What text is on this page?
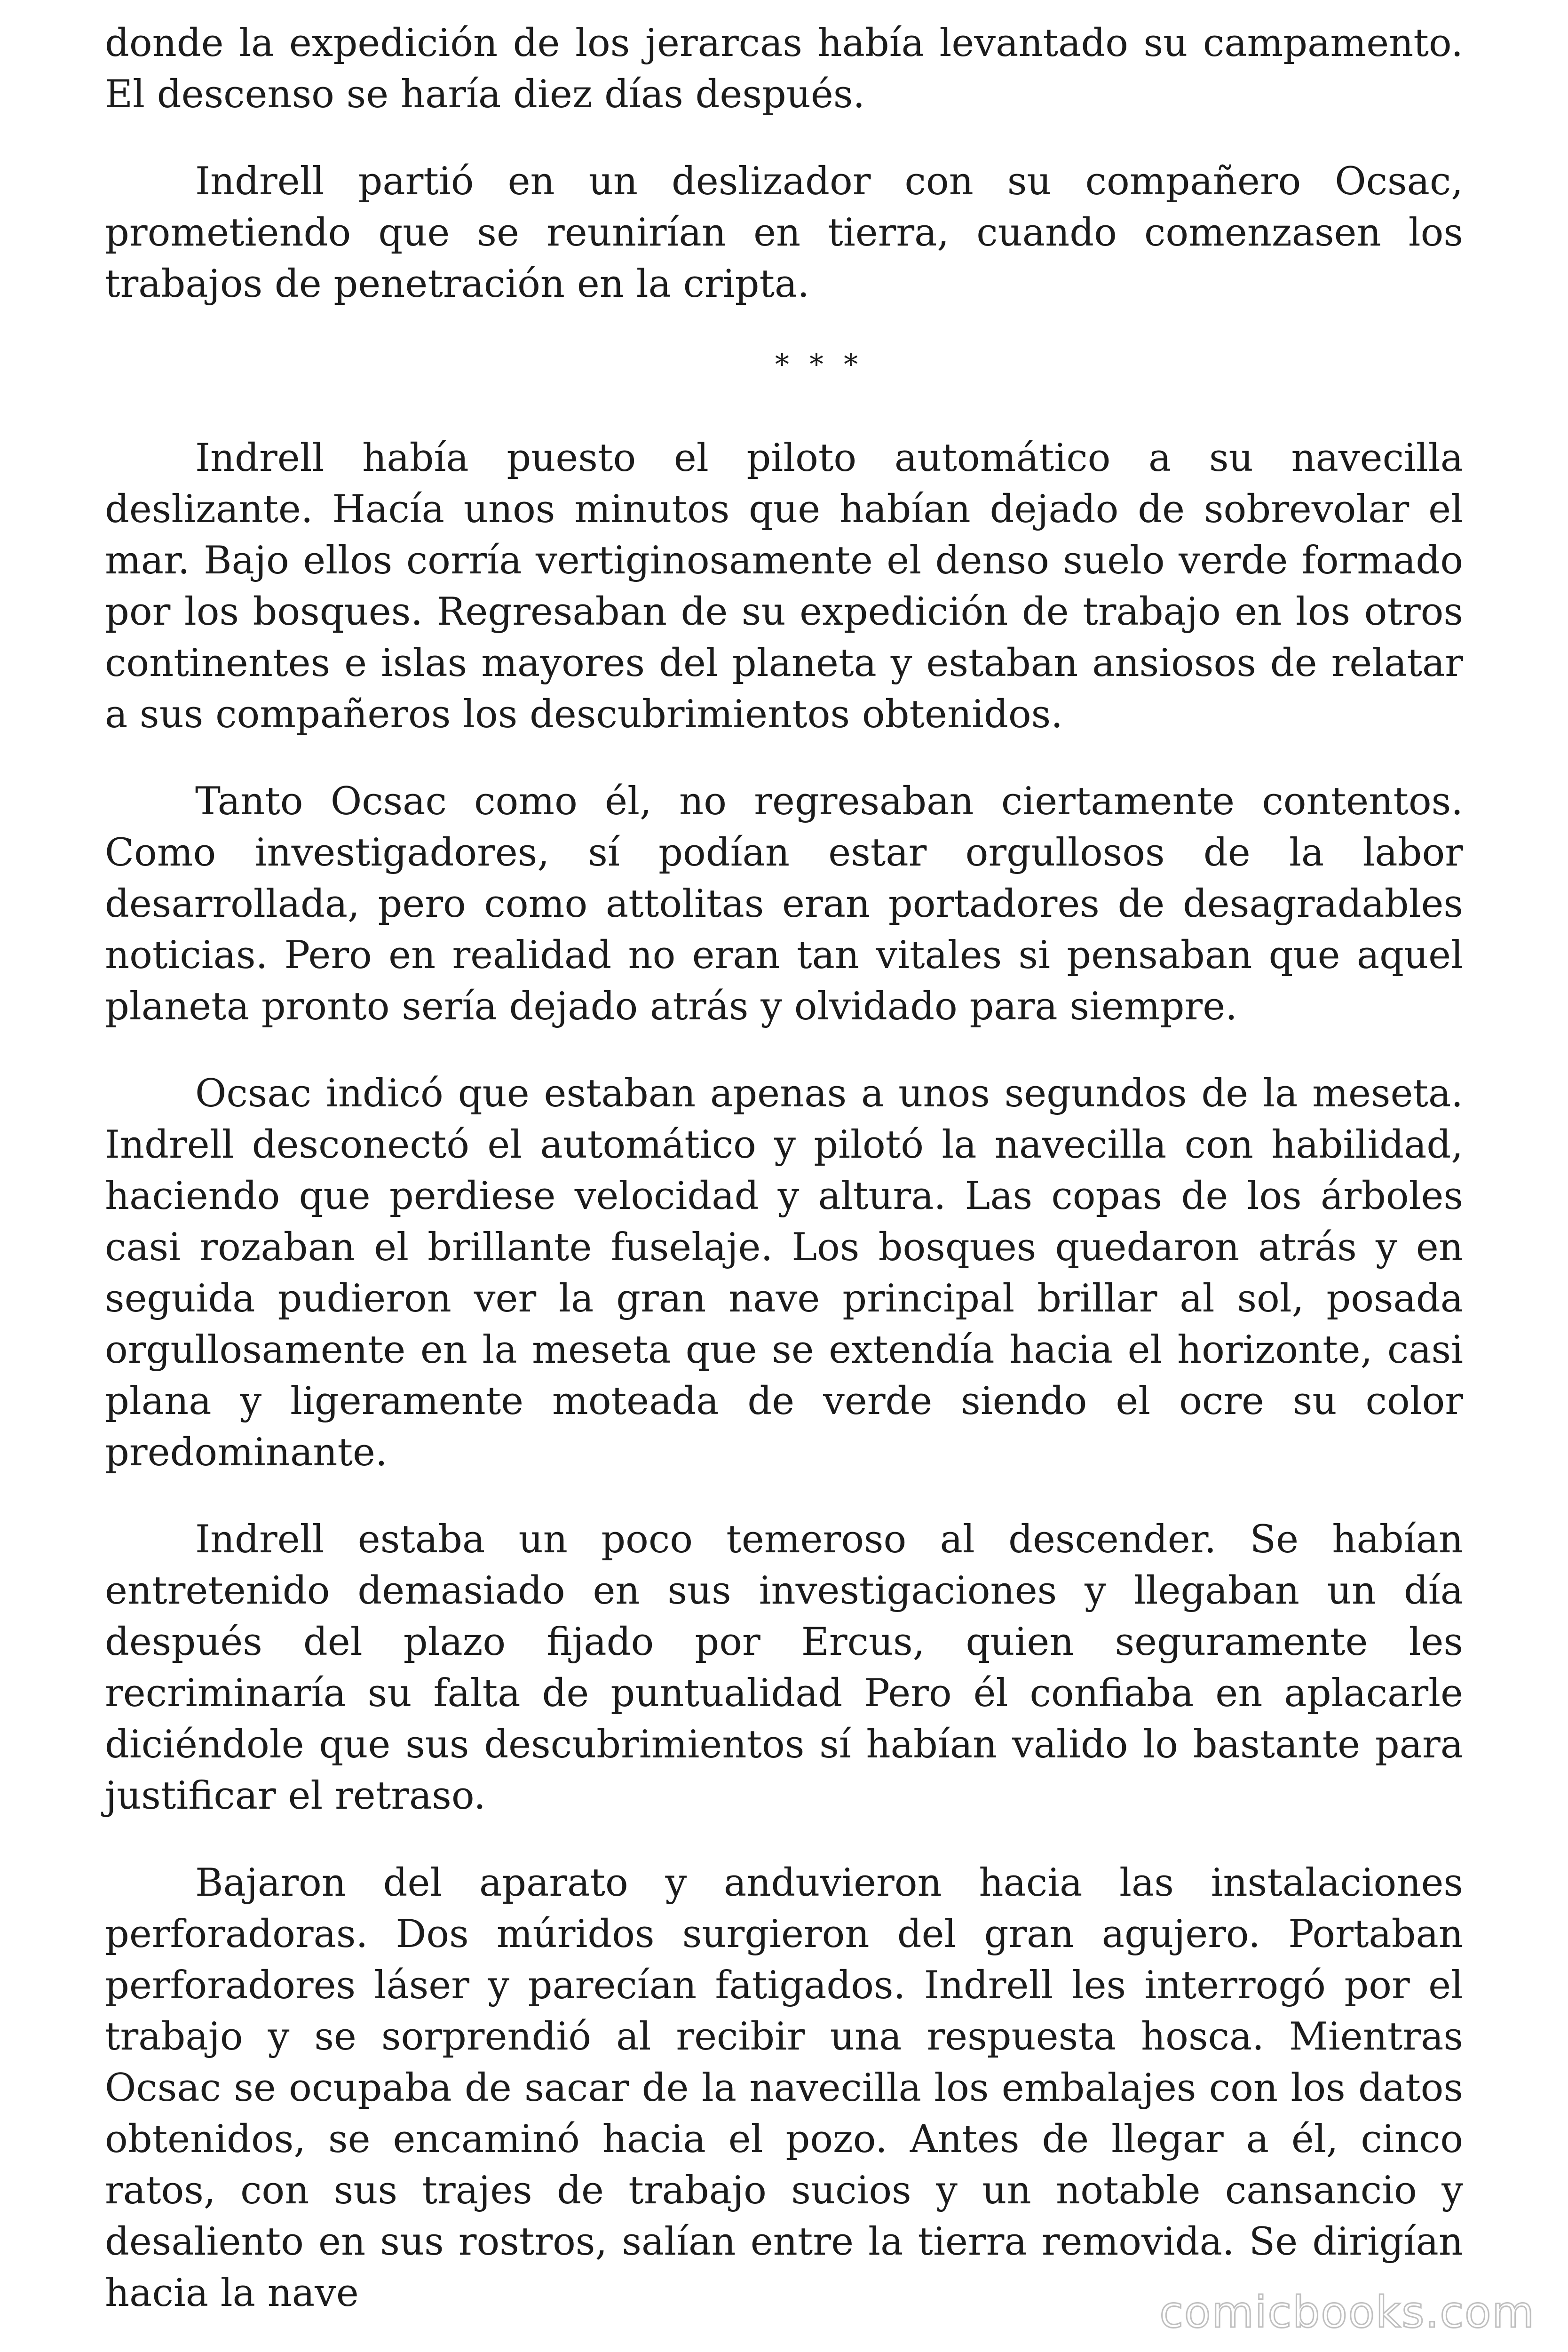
donde la expedición de los jerarcas había levantado su campamento. El descenso se haría diez días después.

Indrell partió en un deslizador con su compañero Ocsac, prometiendo que se reunirían en tierra, cuando comenzasen los trabajos de penetración en la cripta.

* * *

Indrell había puesto el piloto automático a su navecilla deslizante. Hacía unos minutos que habían dejado de sobrevolar el mar. Bajo ellos corría vertiginosamente el denso suelo verde formado por los bosques. Regresaban de su expedición de trabajo en los otros continentes e islas mayores del planeta y estaban ansiosos de relatar a sus compañeros los descubrimientos obtenidos.

Tanto Ocsac como él, no regresaban ciertamente contentos. Como investigadores, sí podían estar orgullosos de la labor desarrollada, pero como attolitas eran portadores de desagradables noticias. Pero en realidad no eran tan vitales si pensaban que aquel planeta pronto sería dejado atrás y olvidado para siempre.

Ocsac indicó que estaban apenas a unos segundos de la meseta. Indrell desconectó el automático y pilotó la navecilla con habilidad, haciendo que perdiese velocidad y altura. Las copas de los árboles casi rozaban el brillante fuselaje. Los bosques quedaron atrás y en seguida pudieron ver la gran nave principal brillar al sol, posada orgullosamente en la meseta que se extendía hacia el horizonte, casi plana y ligeramente moteada de verde siendo el ocre su color predominante.

Indrell estaba un poco temeroso al descender. Se habían entretenido demasiado en sus investigaciones y llegaban un día después del plazo fijado por Ercus, quien seguramente les recriminaría su falta de puntualidad Pero él confiaba en aplacarle diciéndole que sus descubrimientos sí habían valido lo bastante para justificar el retraso.

Bajaron del aparato y anduvieron hacia las instalaciones perforadoras. Dos múridos surgieron del gran agujero. Portaban perforadores láser y parecían fatigados. Indrell les interrogó por el trabajo y se sorprendió al recibir una respuesta hosca. Mientras Ocsac se ocupaba de sacar de la navecilla los embalajes con los datos obtenidos, se encaminó hacia el pozo. Antes de llegar a él, cinco ratos, con sus trajes de trabajo sucios y un notable cansancio y desaliento en sus rostros, salían entre la tierra removida. Se dirigían hacia la nave	comicbooks.com
